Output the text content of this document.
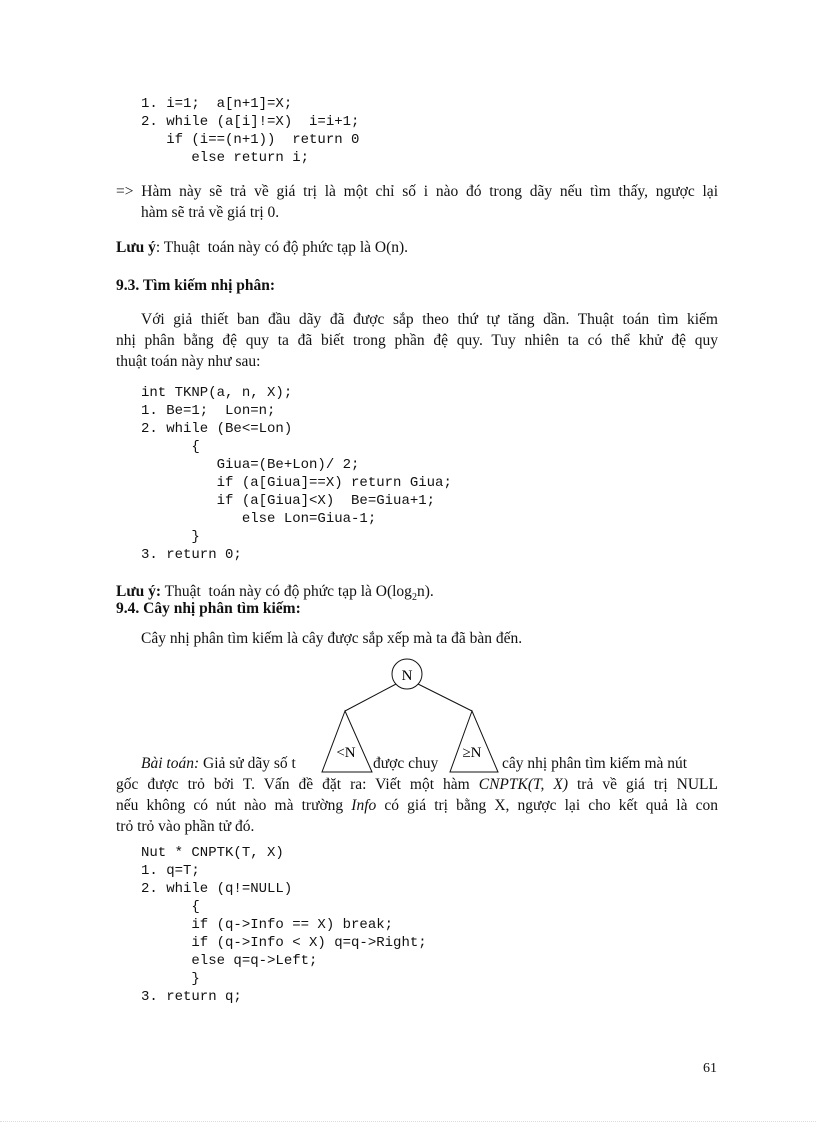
1. i=1;  a[n+1]=X;
2. while (a[i]!=X)  i=i+1;
if (i==(n+1))  return 0
else return i;
=> Hàm này sẽ trả về giá trị là một chỉ số i nào đó trong dãy nếu tìm thấy, ngược lại
hàm sẽ trả về giá trị 0.
Lưu ý: Thuật  toán này có độ phức tạp là O(n).
9.3. Tìm kiếm nhị phân:
Với giả thiết ban đầu dãy đã được sắp theo thứ tự tăng dần. Thuật toán tìm kiếm
nhị phân bằng đệ quy ta đã biết trong phần đệ quy. Tuy nhiên ta có thể khử đệ quy
thuật toán này như sau:
int TKNP(a, n, X);
1. Be=1;  Lon=n;
2. while (Be<=Lon)
{
Giua=(Be+Lon)/ 2;
if (a[Giua]==X) return Giua;
if (a[Giua]<X)  Be=Giua+1;
else Lon=Giua-1;
}
3. return 0;
Lưu ý: Thuật  toán này có độ phức tạp là $O(\log_2n)$.
9.4. Cây nhị phân tìm kiếm:
Cây nhị phân tìm kiếm là cây được sắp xếp mà ta đã bàn đến.
N
<N	≥N
Bài toán: Giả sử dãy số t	được chuy	cây nhị phân tìm kiếm mà nút
gốc được trỏ bởi T. Vấn đề đặt ra: Viết một hàm CNPTK(T, X) trả về giá trị NULL
nếu không có nút nào mà trường Info có giá trị bằng X, ngược lại cho kết quả là con
trỏ trỏ vào phần tử đó.
Nut * CNPTK(T, X)
1. q=T;
2. while (q!=NULL)
{
if (q->Info == X) break;
if (q->Info < X) q=q->Right;
else q=q->Left;
}
3. return q;
61
